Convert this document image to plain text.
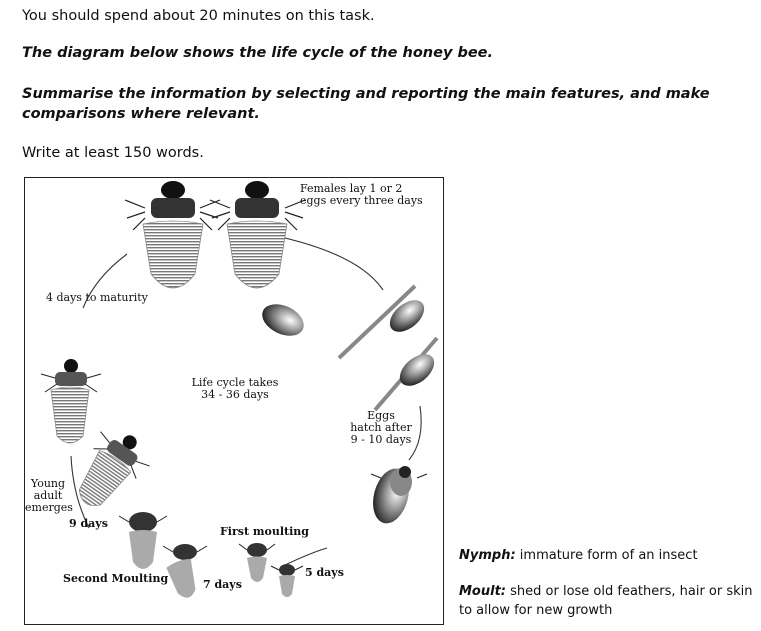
You should spend about 20 minutes on this task.
The diagram below shows the life cycle of the honey bee.
Summarise the information by selecting and reporting the main features, and make comparisons where relevant.
Write at least 150 words.
Females lay 1 or 2
eggs every three days
4 days to maturity
Life cycle takes
34 - 36 days
Eggs
hatch after
9 - 10 days
Young
adult
emerges
9 days
First moulting
Second Moulting	7 days
5 days
Nymph: immature form of an insect
Moult: shed or lose old feathers, hair or skin
to allow for new growth
